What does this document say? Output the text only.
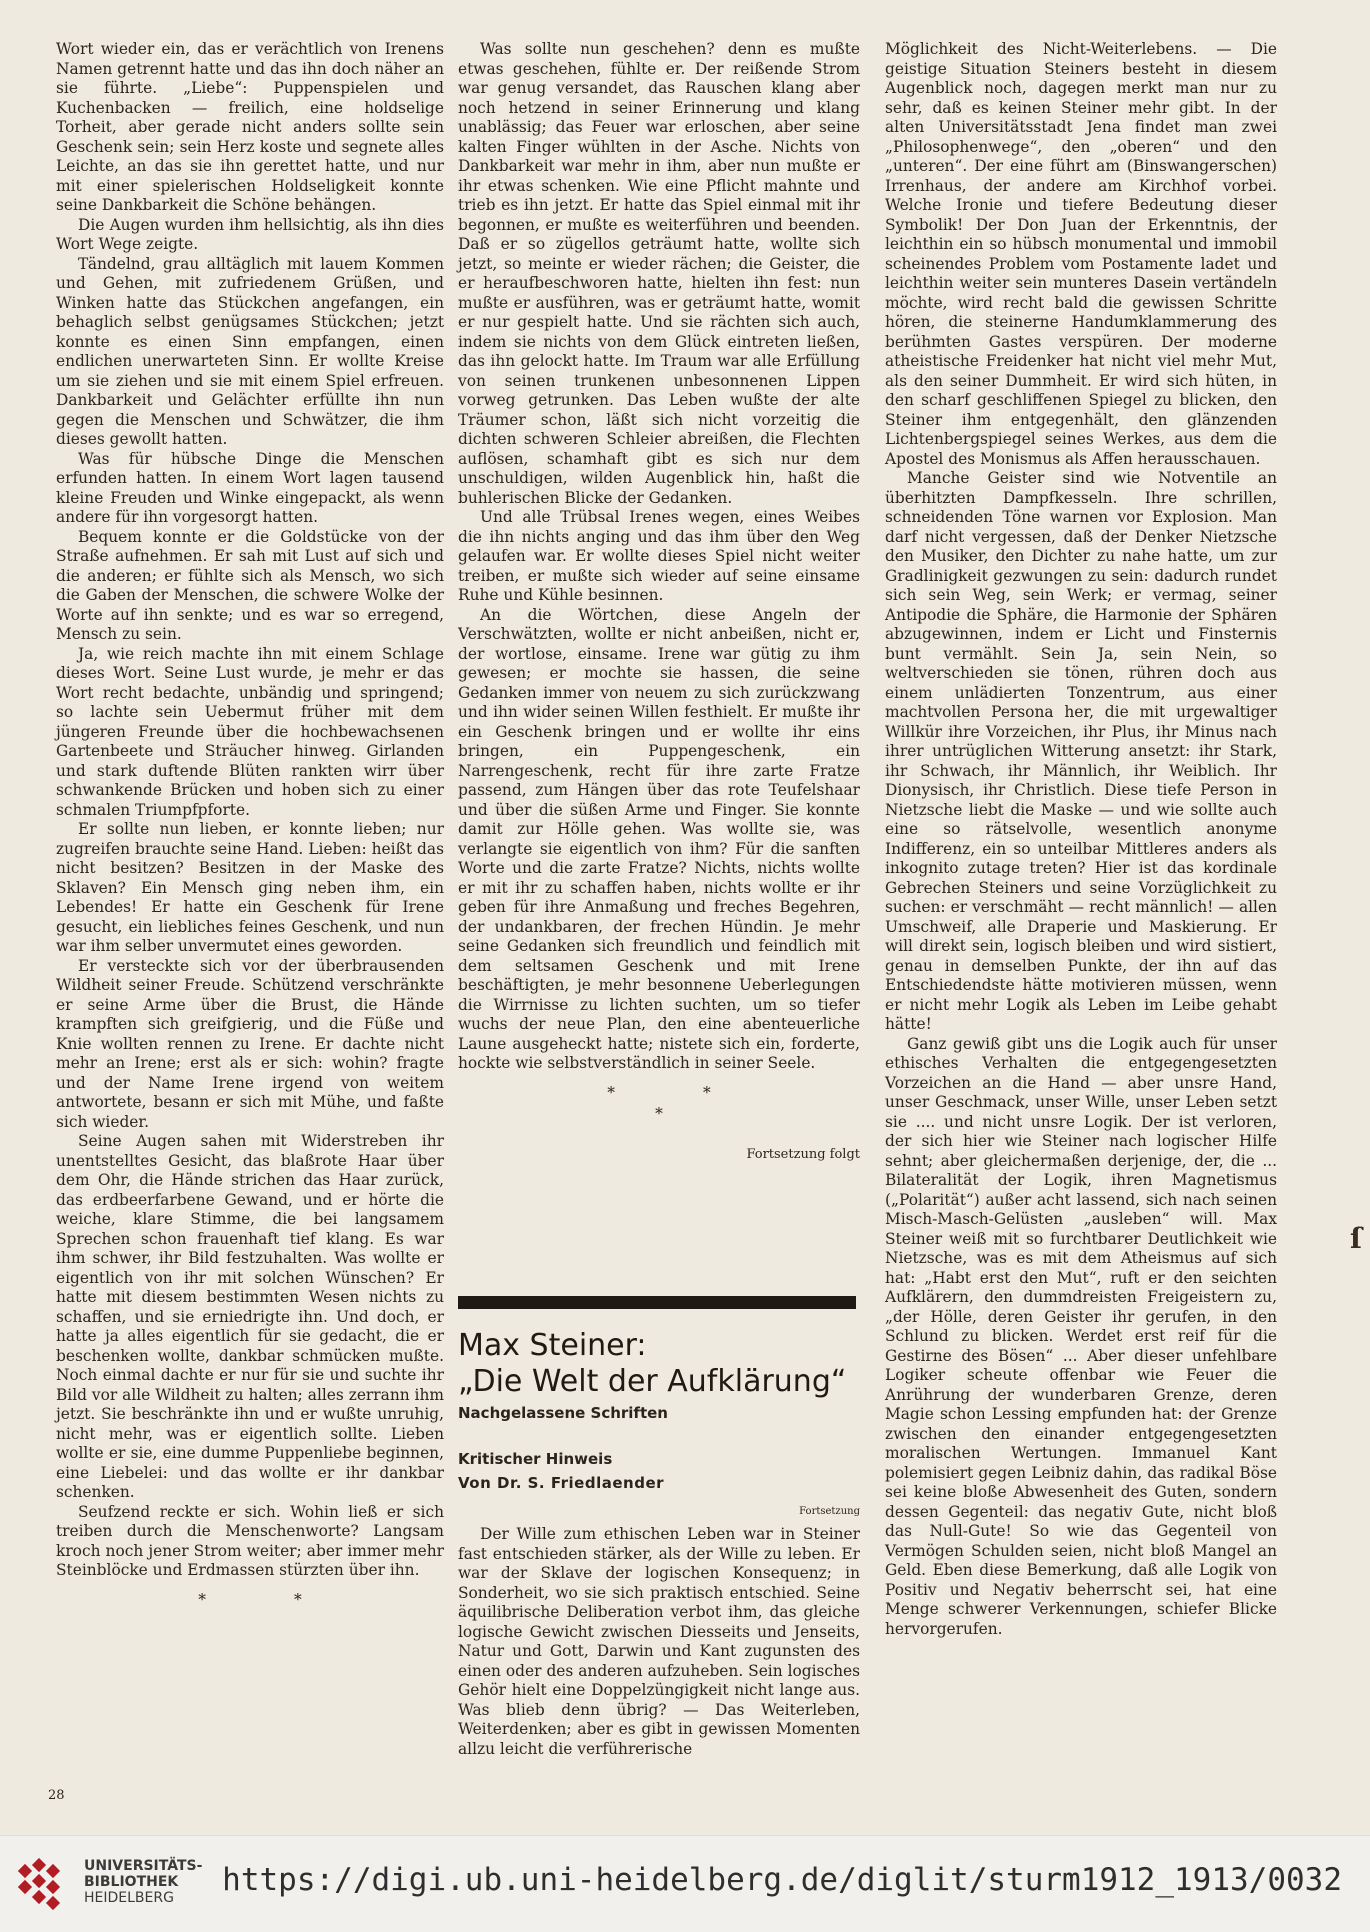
Wort wieder ein, das er verächtlich von Irenens Namen getrennt hatte und das ihn doch näher an sie führte. „Liebe“: Puppenspielen und Kuchenbacken — freilich, eine holdselige Torheit, aber gerade nicht anders sollte sein Geschenk sein; sein Herz koste und segnete alles Leichte, an das sie ihn gerettet hatte, und nur mit einer spielerischen Holdseligkeit konnte seine Dankbarkeit die Schöne behängen.

Die Augen wurden ihm hellsichtig, als ihn dies Wort Wege zeigte.

Tändelnd, grau alltäglich mit lauem Kommen und Gehen, mit zufriedenem Grüßen, und Winken hatte das Stückchen angefangen, ein behaglich selbst genügsames Stückchen; jetzt konnte es einen Sinn empfangen, einen endlichen unerwarteten Sinn. Er wollte Kreise um sie ziehen und sie mit einem Spiel erfreuen. Dankbarkeit und Gelächter erfüllte ihn nun gegen die Menschen und Schwätzer, die ihm dieses gewollt hatten.

Was für hübsche Dinge die Menschen erfunden hatten. In einem Wort lagen tausend kleine Freuden und Winke eingepackt, als wenn andere für ihn vorgesorgt hatten.

Bequem konnte er die Goldstücke von der Straße aufnehmen. Er sah mit Lust auf sich und die anderen; er fühlte sich als Mensch, wo sich die Gaben der Menschen, die schwere Wolke der Worte auf ihn senkte; und es war so erregend, Mensch zu sein.

Ja, wie reich machte ihn mit einem Schlage dieses Wort. Seine Lust wurde, je mehr er das Wort recht bedachte, unbändig und springend; so lachte sein Uebermut früher mit dem jüngeren Freunde über die hochbewachsenen Gartenbeete und Sträucher hinweg. Girlanden und stark duftende Blüten rankten wirr über schwankende Brücken und hoben sich zu einer schmalen Triumpfpforte.

Er sollte nun lieben, er konnte lieben; nur zugreifen brauchte seine Hand. Lieben: heißt das nicht besitzen? Besitzen in der Maske des Sklaven? Ein Mensch ging neben ihm, ein Lebendes! Er hatte ein Geschenk für Irene gesucht, ein liebliches feines Geschenk, und nun war ihm selber unvermutet eines geworden.

Er versteckte sich vor der überbrausenden Wildheit seiner Freude. Schützend verschränkte er seine Arme über die Brust, die Hände krampften sich greifgierig, und die Füße und Knie wollten rennen zu Irene. Er dachte nicht mehr an Irene; erst als er sich: wohin? fragte und der Name Irene irgend von weitem antwortete, besann er sich mit Mühe, und faßte sich wieder.

Seine Augen sahen mit Widerstreben ihr unentstelltes Gesicht, das blaßrote Haar über dem Ohr, die Hände strichen das Haar zurück, das erdbeerfarbene Gewand, und er hörte die weiche, klare Stimme, die bei langsamem Sprechen schon frauenhaft tief klang. Es war ihm schwer, ihr Bild festzuhalten. Was wollte er eigentlich von ihr mit solchen Wünschen? Er hatte mit diesem bestimmten Wesen nichts zu schaffen, und sie erniedrigte ihn. Und doch, er hatte ja alles eigentlich für sie gedacht, die er beschenken wollte, dankbar schmücken mußte. Noch einmal dachte er nur für sie und suchte ihr Bild vor alle Wildheit zu halten; alles zerrann ihm jetzt. Sie beschränkte ihn und er wußte unruhig, nicht mehr, was er eigentlich sollte. Lieben wollte er sie, eine dumme Puppenliebe beginnen, eine Liebelei: und das wollte er ihr dankbar schenken.

Seufzend reckte er sich. Wohin ließ er sich treiben durch die Menschenworte? Langsam kroch noch jener Strom weiter; aber immer mehr Steinblöcke und Erdmassen stürzten über ihn.

**

Was sollte nun geschehen? denn es mußte etwas geschehen, fühlte er. Der reißende Strom war genug versandet, das Rauschen klang aber noch hetzend in seiner Erinnerung und klang unablässig; das Feuer war erloschen, aber seine kalten Finger wühlten in der Asche. Nichts von Dankbarkeit war mehr in ihm, aber nun mußte er ihr etwas schenken. Wie eine Pflicht mahnte und trieb es ihn jetzt. Er hatte das Spiel einmal mit ihr begonnen, er mußte es weiterführen und beenden. Daß er so zügellos geträumt hatte, wollte sich jetzt, so meinte er wieder rächen; die Geister, die er heraufbeschworen hatte, hielten ihn fest: nun mußte er ausführen, was er geträumt hatte, womit er nur gespielt hatte. Und sie rächten sich auch, indem sie nichts von dem Glück eintreten ließen, das ihn gelockt hatte. Im Traum war alle Erfüllung von seinen trunkenen unbesonnenen Lippen vorweg getrunken. Das Leben wußte der alte Träumer schon, läßt sich nicht vorzeitig die dichten schweren Schleier abreißen, die Flechten auflösen, schamhaft gibt es sich nur dem unschuldigen, wilden Augenblick hin, haßt die buhlerischen Blicke der Gedanken.

Und alle Trübsal Irenes wegen, eines Weibes die ihn nichts anging und das ihm über den Weg gelaufen war. Er wollte dieses Spiel nicht weiter treiben, er mußte sich wieder auf seine einsame Ruhe und Kühle besinnen.

An die Wörtchen, diese Angeln der Verschwätzten, wollte er nicht anbeißen, nicht er, der wortlose, einsame. Irene war gütig zu ihm gewesen; er mochte sie hassen, die seine Gedanken immer von neuem zu sich zurückzwang und ihn wider seinen Willen festhielt. Er mußte ihr ein Geschenk bringen und er wollte ihr eins bringen, ein Puppengeschenk, ein Narrengeschenk, recht für ihre zarte Fratze passend, zum Hängen über das rote Teufelshaar und über die süßen Arme und Finger. Sie konnte damit zur Hölle gehen. Was wollte sie, was verlangte sie eigentlich von ihm? Für die sanften Worte und die zarte Fratze? Nichts, nichts wollte er mit ihr zu schaffen haben, nichts wollte er ihr geben für ihre Anmaßung und freches Begehren, der undankbaren, der frechen Hündin. Je mehr seine Gedanken sich freundlich und feindlich mit dem seltsamen Geschenk und mit Irene beschäftigten, je mehr besonnene Ueberlegungen die Wirrnisse zu lichten suchten, um so tiefer wuchs der neue Plan, den eine abenteuerliche Laune ausgeheckt hatte; nistete sich ein, forderte, hockte wie selbstverständlich in seiner Seele.

**
*
Fortsetzung folgt
Max Steiner:
„Die Welt der Aufklärung“
Nachgelassene Schriften
Kritischer Hinweis
Von Dr. S. Friedlaender
Fortsetzung

Der Wille zum ethischen Leben war in Steiner fast entschieden stärker, als der Wille zu leben. Er war der Sklave der logischen Konsequenz; in Sonderheit, wo sie sich praktisch entschied. Seine äquilibrische Deliberation verbot ihm, das gleiche logische Gewicht zwischen Diesseits und Jenseits, Natur und Gott, Darwin und Kant zugunsten des einen oder des anderen aufzuheben. Sein logisches Gehör hielt eine Doppelzüngigkeit nicht lange aus. Was blieb denn übrig? — Das Weiterleben, Weiterdenken; aber es gibt in gewissen Momenten allzu leicht die verführerische

Möglichkeit des Nicht-Weiterlebens. — Die geistige Situation Steiners besteht in diesem Augenblick noch, dagegen merkt man nur zu sehr, daß es keinen Steiner mehr gibt. In der alten Universitätsstadt Jena findet man zwei „Philosophenwege“, den „oberen“ und den „unteren“. Der eine führt am (Binswangerschen) Irrenhaus, der andere am Kirchhof vorbei. Welche Ironie und tiefere Bedeutung dieser Symbolik! Der Don Juan der Erkenntnis, der leichthin ein so hübsch monumental und immobil scheinendes Problem vom Postamente ladet und leichthin weiter sein munteres Dasein vertändeln möchte, wird recht bald die gewissen Schritte hören, die steinerne Handumklammerung des berühmten Gastes verspüren. Der moderne atheistische Freidenker hat nicht viel mehr Mut, als den seiner Dummheit. Er wird sich hüten, in den scharf geschliffenen Spiegel zu blicken, den Steiner ihm entgegenhält, den glänzenden Lichtenbergspiegel seines Werkes, aus dem die Apostel des Monismus als Affen herausschauen.

Manche Geister sind wie Notventile an überhitzten Dampfkesseln. Ihre schrillen, schneidenden Töne warnen vor Explosion. Man darf nicht vergessen, daß der Denker Nietzsche den Musiker, den Dichter zu nahe hatte, um zur Gradlinigkeit gezwungen zu sein: dadurch rundet sich sein Weg, sein Werk; er vermag, seiner Antipodie die Sphäre, die Harmonie der Sphären abzugewinnen, indem er Licht und Finsternis bunt vermählt. Sein Ja, sein Nein, so weltverschieden sie tönen, rühren doch aus einem unlädierten Tonzentrum, aus einer machtvollen Persona her, die mit urgewaltiger Willkür ihre Vorzeichen, ihr Plus, ihr Minus nach ihrer untrüglichen Witterung ansetzt: ihr Stark, ihr Schwach, ihr Männlich, ihr Weiblich. Ihr Dionysisch, ihr Christlich. Diese tiefe Person in Nietzsche liebt die Maske — und wie sollte auch eine so rätselvolle, wesentlich anonyme Indifferenz, ein so unteilbar Mittleres anders als inkognito zutage treten? Hier ist das kordinale Gebrechen Steiners und seine Vorzüglichkeit zu suchen: er verschmäht — recht männlich! — allen Umschweif, alle Draperie und Maskierung. Er will direkt sein, logisch bleiben und wird sistiert, genau in demselben Punkte, der ihn auf das Entschiedendste hätte motivieren müssen, wenn er nicht mehr Logik als Leben im Leibe gehabt hätte!

Ganz gewiß gibt uns die Logik auch für unser ethisches Verhalten die entgegengesetzten Vorzeichen an die Hand — aber unsre Hand, unser Geschmack, unser Wille, unser Leben setzt sie .... und nicht unsre Logik. Der ist verloren, der sich hier wie Steiner nach logischer Hilfe sehnt; aber gleichermaßen derjenige, der, die ... Bilateralität der Logik, ihren Magnetismus („Polarität“) außer acht lassend, sich nach seinen Misch-Masch-Gelüsten „ausleben“ will. Max Steiner weiß mit so furchtbarer Deutlichkeit wie Nietzsche, was es mit dem Atheismus auf sich hat: „Habt erst den Mut“, ruft er den seichten Aufklärern, den dummdreisten Freigeistern zu, „der Hölle, deren Geister ihr gerufen, in den Schlund zu blicken. Werdet erst reif für die Gestirne des Bösen“ ... Aber dieser unfehlbare Logiker scheute offenbar wie Feuer die Anrührung der wunderbaren Grenze, deren Magie schon Lessing empfunden hat: der Grenze zwischen den einander entgegengesetzten moralischen Wertungen. Immanuel Kant polemisiert gegen Leibniz dahin, das radikal Böse sei keine bloße Abwesenheit des Guten, sondern dessen Gegenteil: das negativ Gute, nicht bloß das Null-Gute! So wie das Gegenteil von Vermögen Schulden seien, nicht bloß Mangel an Geld. Eben diese Bemerkung, daß alle Logik von Positiv und Negativ beherrscht sei, hat eine Menge schwerer Verkennungen, schiefer Blicke hervorgerufen.

28
ſ
UNIVERSITÄTS-
BIBLIOTHEK
HEIDELBERG	https://digi.ub.uni-heidelberg.de/diglit/sturm1912_1913/0032
